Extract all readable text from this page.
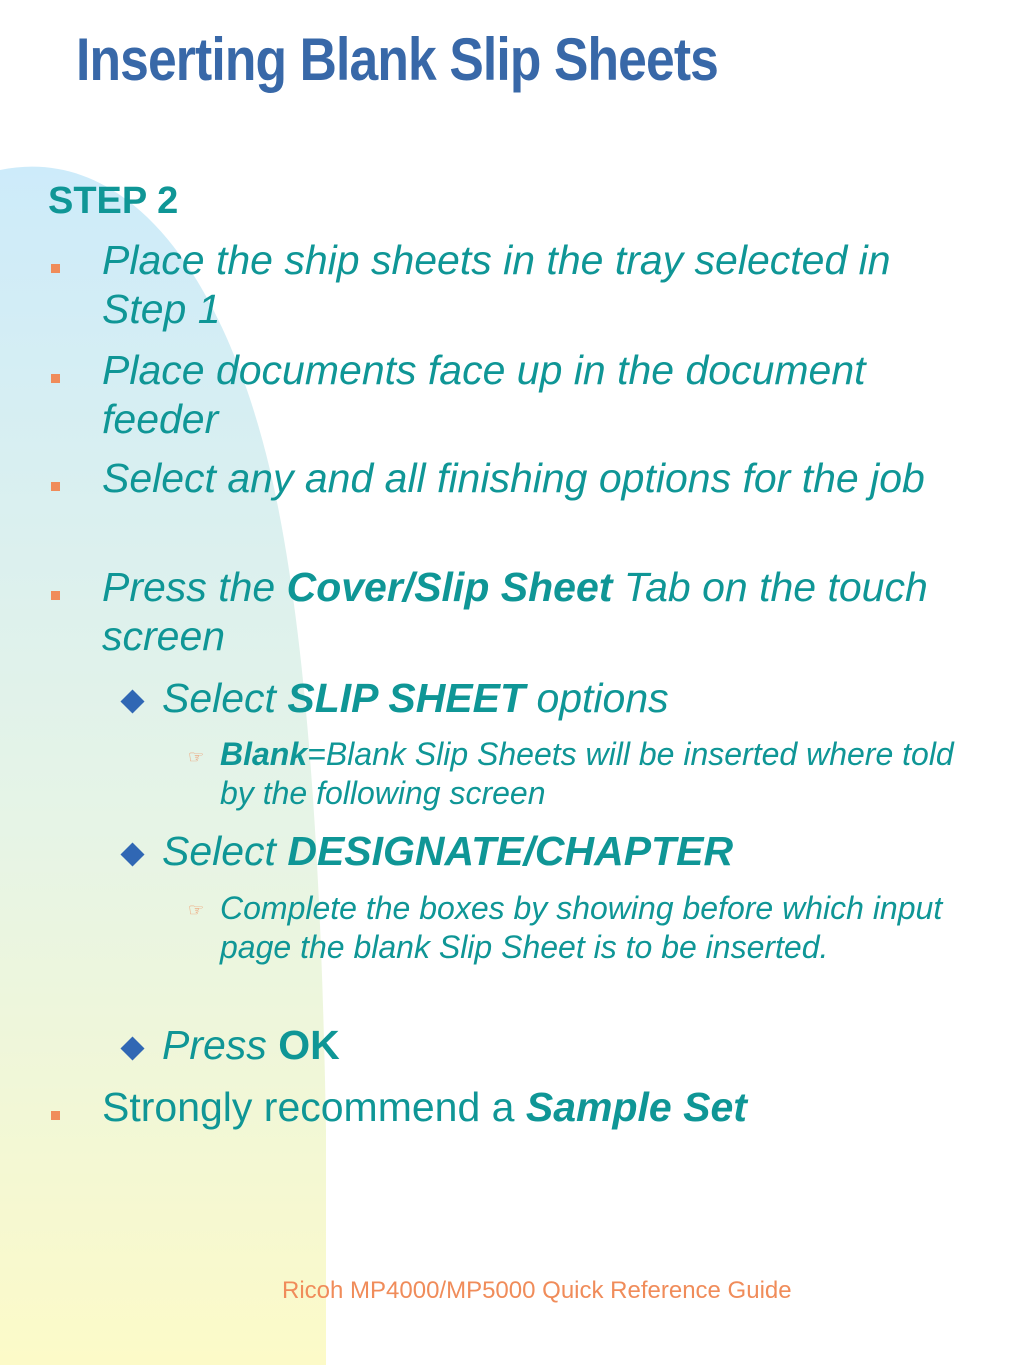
Inserting Blank Slip Sheets
STEP 2
Place the ship sheets in the tray selected in Step 1
Place documents face up in the document feeder
Select any and all finishing options for the job
Press the Cover/Slip Sheet Tab on the touch screen
Select SLIP SHEET options
☞ Blank=Blank Slip Sheets will be inserted where told by the following screen
Select DESIGNATE/CHAPTER
☞ Complete the boxes by showing before which input page the blank Slip Sheet is to be inserted.
Press OK
Strongly recommend a Sample Set
Ricoh MP4000/MP5000 Quick Reference Guide
